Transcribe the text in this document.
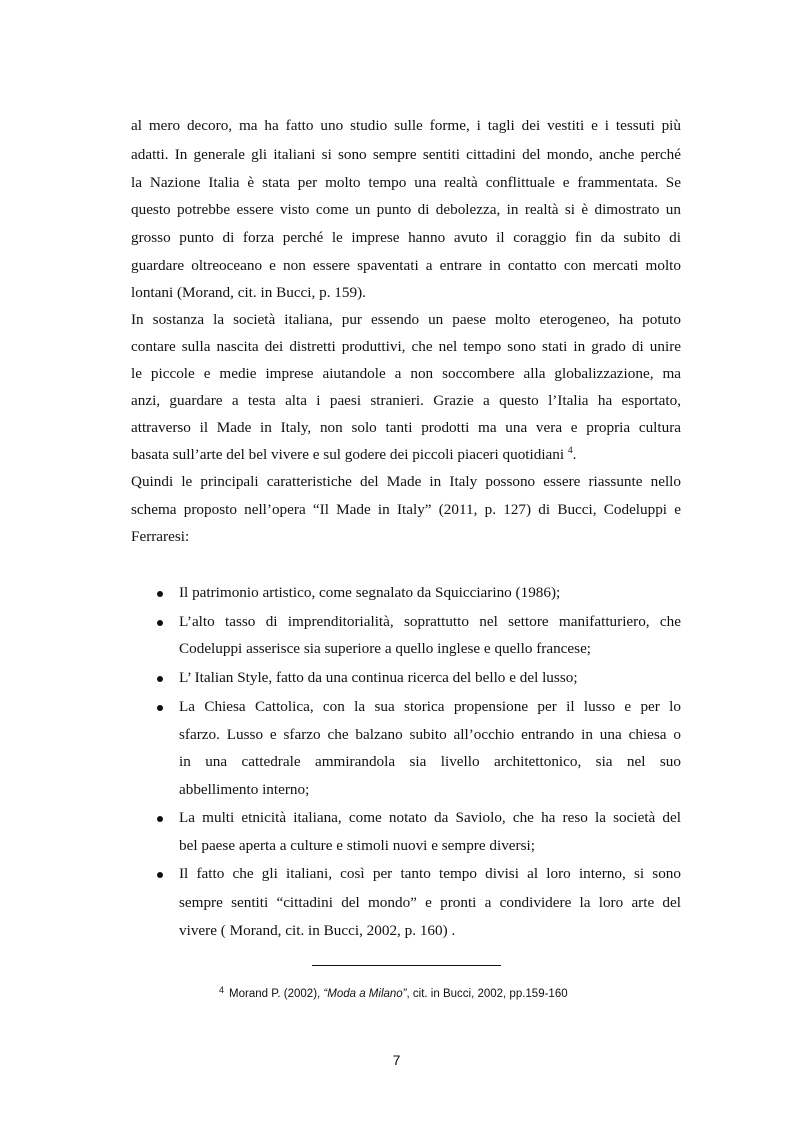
al mero decoro, ma ha fatto uno studio sulle forme, i tagli dei vestiti e i tessuti più

adatti. In generale gli italiani si sono sempre sentiti cittadini del mondo, anche perché

la Nazione Italia è stata per molto tempo una realtà conflittuale e frammentata. Se

questo potrebbe essere visto come un punto di debolezza, in realtà si è dimostrato un

grosso punto di forza perché le imprese hanno avuto il coraggio fin da subito di

guardare oltreoceano e non essere spaventati a entrare in contatto con mercati molto

lontani (Morand, cit. in Bucci, p. 159).

In sostanza la società italiana, pur essendo un paese molto eterogeneo, ha potuto

contare sulla nascita dei distretti produttivi, che nel tempo sono stati in grado di unire

le piccole e medie imprese aiutandole a non soccombere alla globalizzazione, ma

anzi, guardare a testa alta i paesi stranieri. Grazie a questo l’Italia ha esportato,

attraverso il Made in Italy, non solo tanti prodotti ma una vera e propria cultura

basata sull’arte del bel vivere e sul godere dei piccoli piaceri quotidiani $^4$.

Quindi le principali caratteristiche del Made in Italy possono essere riassunte nello

schema proposto nell’opera “Il Made in Italy” (2011, p. 127) di Bucci, Codeluppi e

Ferraresi:

Il patrimonio artistico, come segnalato da Squicciarino (1986);

L’alto tasso di imprenditorialità, soprattutto nel settore manifatturiero, che

Codeluppi asserisce sia superiore a quello inglese e quello francese;

L’ Italian Style, fatto da una continua ricerca del bello e del lusso;

La Chiesa Cattolica, con la sua storica propensione per il lusso e per lo

sfarzo. Lusso e sfarzo che balzano subito all’occhio entrando in una chiesa o

in una cattedrale ammirandola sia livello architettonico, sia nel suo

abbellimento interno;

La multi etnicità italiana, come notato da Saviolo, che ha reso la società del

bel paese aperta a culture e stimoli nuovi e sempre diversi;

Il fatto che gli italiani, così per tanto tempo divisi al loro interno, si sono

sempre sentiti “cittadini del mondo” e pronti a condividere la loro arte del

vivere ( Morand, cit. in Bucci, 2002, p. 160) .

$^4$ Morand P. (2002), “Moda a Milano”, cit. in Bucci, 2002, pp.159-160
7
